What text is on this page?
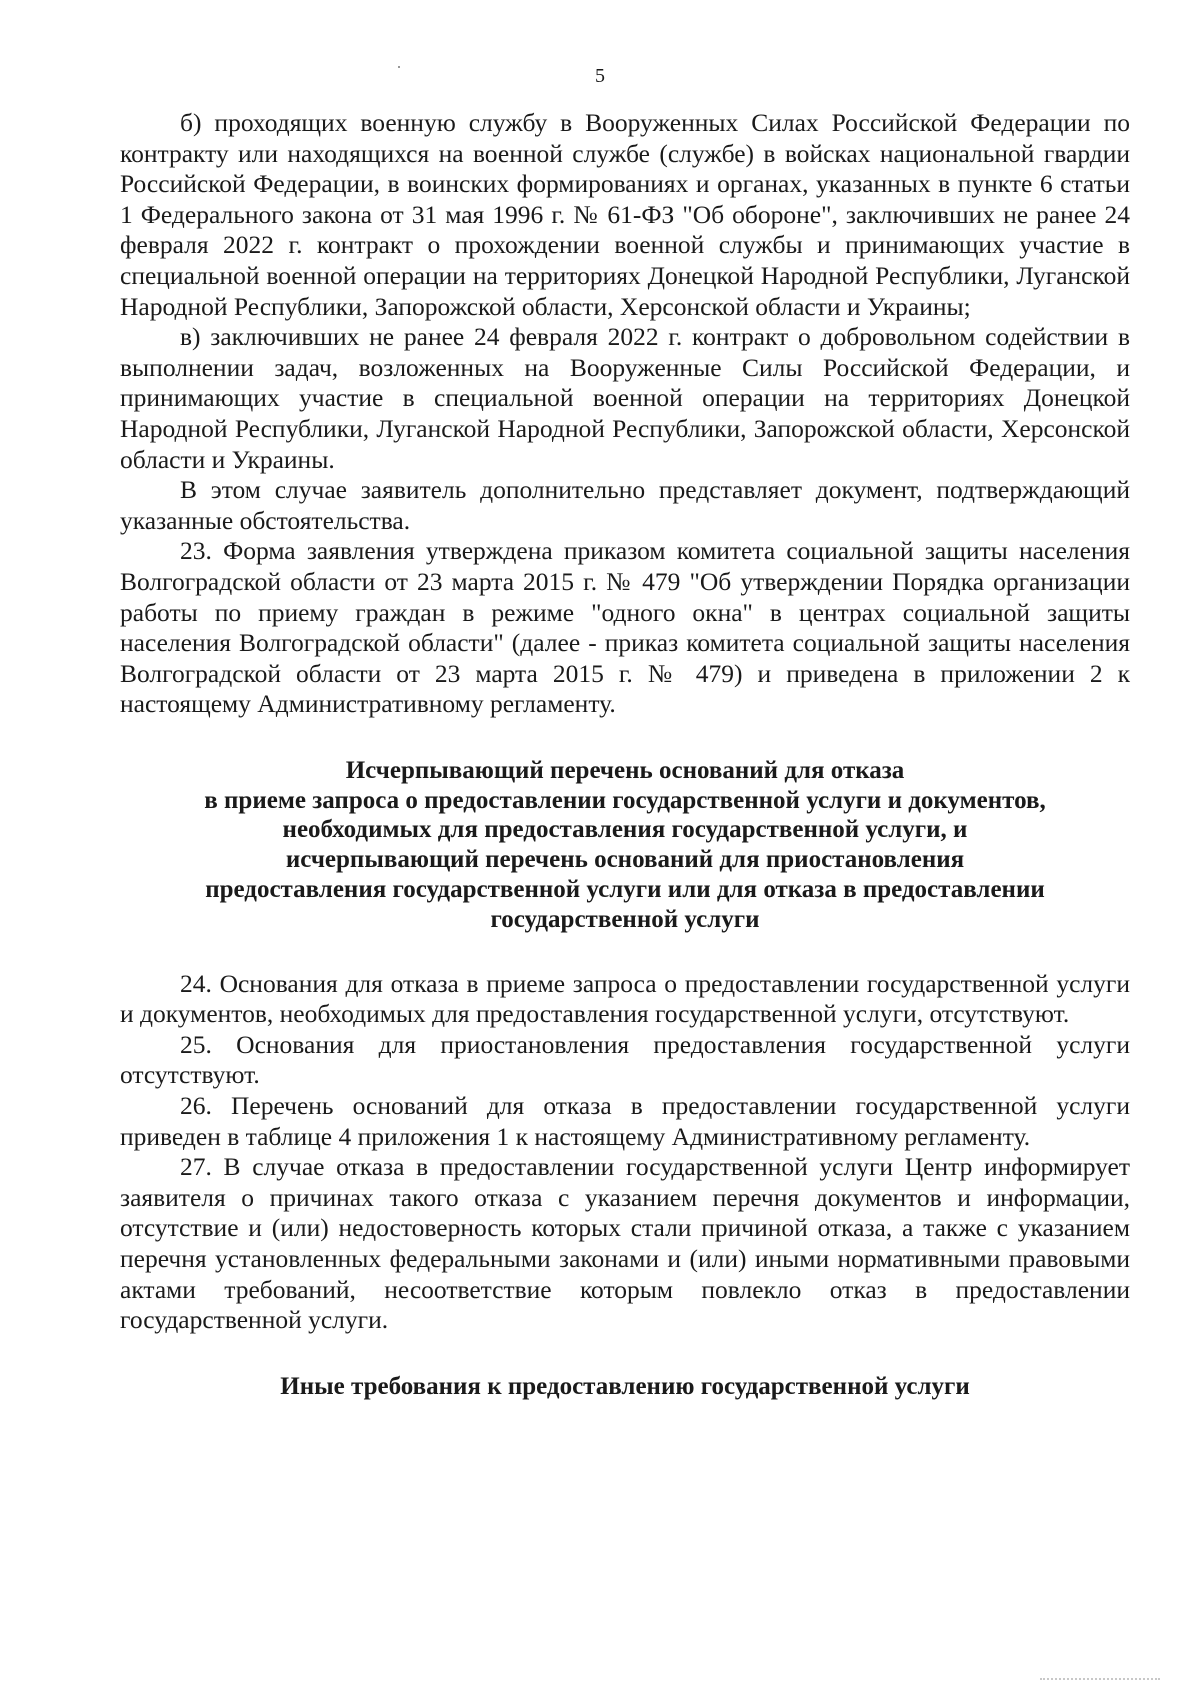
5

б) проходящих военную службу в Вооруженных Силах Российской Федерации по контракту или находящихся на военной службе (службе) в войсках национальной гвардии Российской Федерации, в воинских формированиях и органах, указанных в пункте 6 статьи 1 Федерального закона от 31 мая 1996 г. № 61-ФЗ "Об обороне", заключивших не ранее 24 февраля 2022 г. контракт о прохождении военной службы и принимающих участие в специальной военной операции на территориях Донецкой Народной Республики, Луганской Народной Республики, Запорожской области, Херсонской области и Украины;

в) заключивших не ранее 24 февраля 2022 г. контракт о добровольном содействии в выполнении задач, возложенных на Вооруженные Силы Российской Федерации, и принимающих участие в специальной военной операции на территориях Донецкой Народной Республики, Луганской Народной Республики, Запорожской области, Херсонской области и Украины.

В этом случае заявитель дополнительно представляет документ, подтверждающий указанные обстоятельства.

23. Форма заявления утверждена приказом комитета социальной защиты населения Волгоградской области от 23 марта 2015 г. № 479 "Об утверждении Порядка организации работы по приему граждан в режиме "одного окна" в центрах социальной защиты населения Волгоградской области" (далее - приказ комитета социальной защиты населения Волгоградской области от 23 марта 2015 г. № 479) и приведена в приложении 2 к настоящему Административному регламенту.

Исчерпывающий перечень оснований для отказа
в приеме запроса о предоставлении государственной услуги и документов,
необходимых для предоставления государственной услуги, и
исчерпывающий перечень оснований для приостановления
предоставления государственной услуги или для отказа в предоставлении
государственной услуги

24. Основания для отказа в приеме запроса о предоставлении государственной услуги и документов, необходимых для предоставления государственной услуги, отсутствуют.

25. Основания для приостановления предоставления государственной услуги отсутствуют.

26. Перечень оснований для отказа в предоставлении государственной услуги приведен в таблице 4 приложения 1 к настоящему Административному регламенту.

27. В случае отказа в предоставлении государственной услуги Центр информирует заявителя о причинах такого отказа с указанием перечня документов и информации, отсутствие и (или) недостоверность которых стали причиной отказа, а также с указанием перечня установленных федеральными законами и (или) иными нормативными правовыми актами требований, несоответствие которым повлекло отказ в предоставлении государственной услуги.

Иные требования к предоставлению государственной услуги
